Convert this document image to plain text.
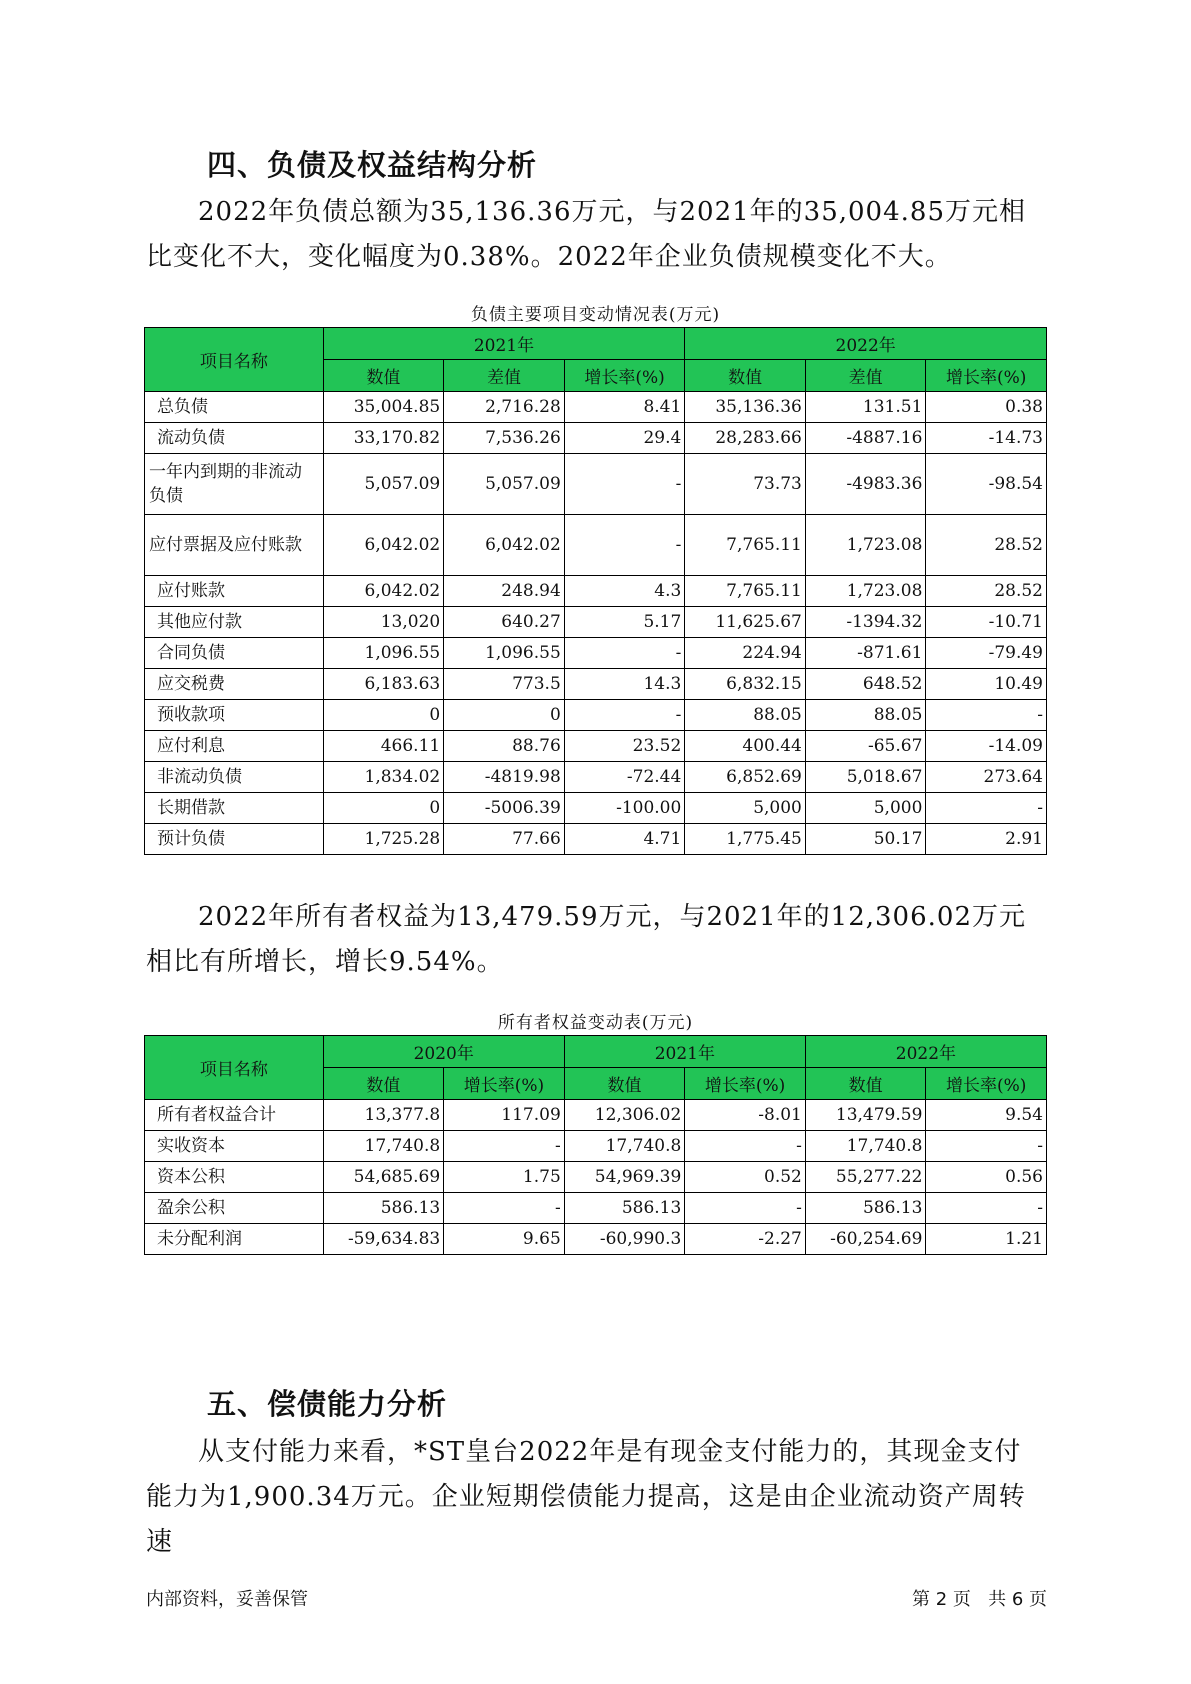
四、负债及权益结构分析
2022年负债总额为35,136.36万元，与2021年的35,004.85万元相比变化不大，变化幅度为0.38%。2022年企业负债规模变化不大。
负债主要项目变动情况表(万元)
项目名称	2021年			2022年		
	数值	差值	增长率(%)	数值	差值	增长率(%)
总负债	35,004.85	2,716.28	8.41	35,136.36	131.51	0.38
流动负债	33,170.82	7,536.26	29.4	28,283.66	-4887.16	-14.73
一年内到期的非流动负债	5,057.09	5,057.09	-	73.73	-4983.36	-98.54
应付票据及应付账款	6,042.02	6,042.02	-	7,765.11	1,723.08	28.52
应付账款	6,042.02	248.94	4.3	7,765.11	1,723.08	28.52
其他应付款	13,020	640.27	5.17	11,625.67	-1394.32	-10.71
合同负债	1,096.55	1,096.55	-	224.94	-871.61	-79.49
应交税费	6,183.63	773.5	14.3	6,832.15	648.52	10.49
预收款项	0	0	-	88.05	88.05	-
应付利息	466.11	88.76	23.52	400.44	-65.67	-14.09
非流动负债	1,834.02	-4819.98	-72.44	6,852.69	5,018.67	273.64
长期借款	0	-5006.39	-100.00	5,000	5,000	-
预计负债	1,725.28	77.66	4.71	1,775.45	50.17	2.91
2022年所有者权益为13,479.59万元，与2021年的12,306.02万元相比有所增长，增长9.54%。
所有者权益变动表(万元)
项目名称	2020年		2021年		2022年	
	数值	增长率(%)	数值	增长率(%)	数值	增长率(%)
所有者权益合计	13,377.8	117.09	12,306.02	-8.01	13,479.59	9.54
实收资本	17,740.8	-	17,740.8	-	17,740.8	-
资本公积	54,685.69	1.75	54,969.39	0.52	55,277.22	0.56
盈余公积	586.13	-	586.13	-	586.13	-
未分配利润	-59,634.83	9.65	-60,990.3	-2.27	-60,254.69	1.21
五、偿债能力分析
从支付能力来看，*ST皇台2022年是有现金支付能力的，其现金支付能力为1,900.34万元。企业短期偿债能力提高，这是由企业流动资产周转速
内部资料，妥善保管	第 2 页   共 6 页
